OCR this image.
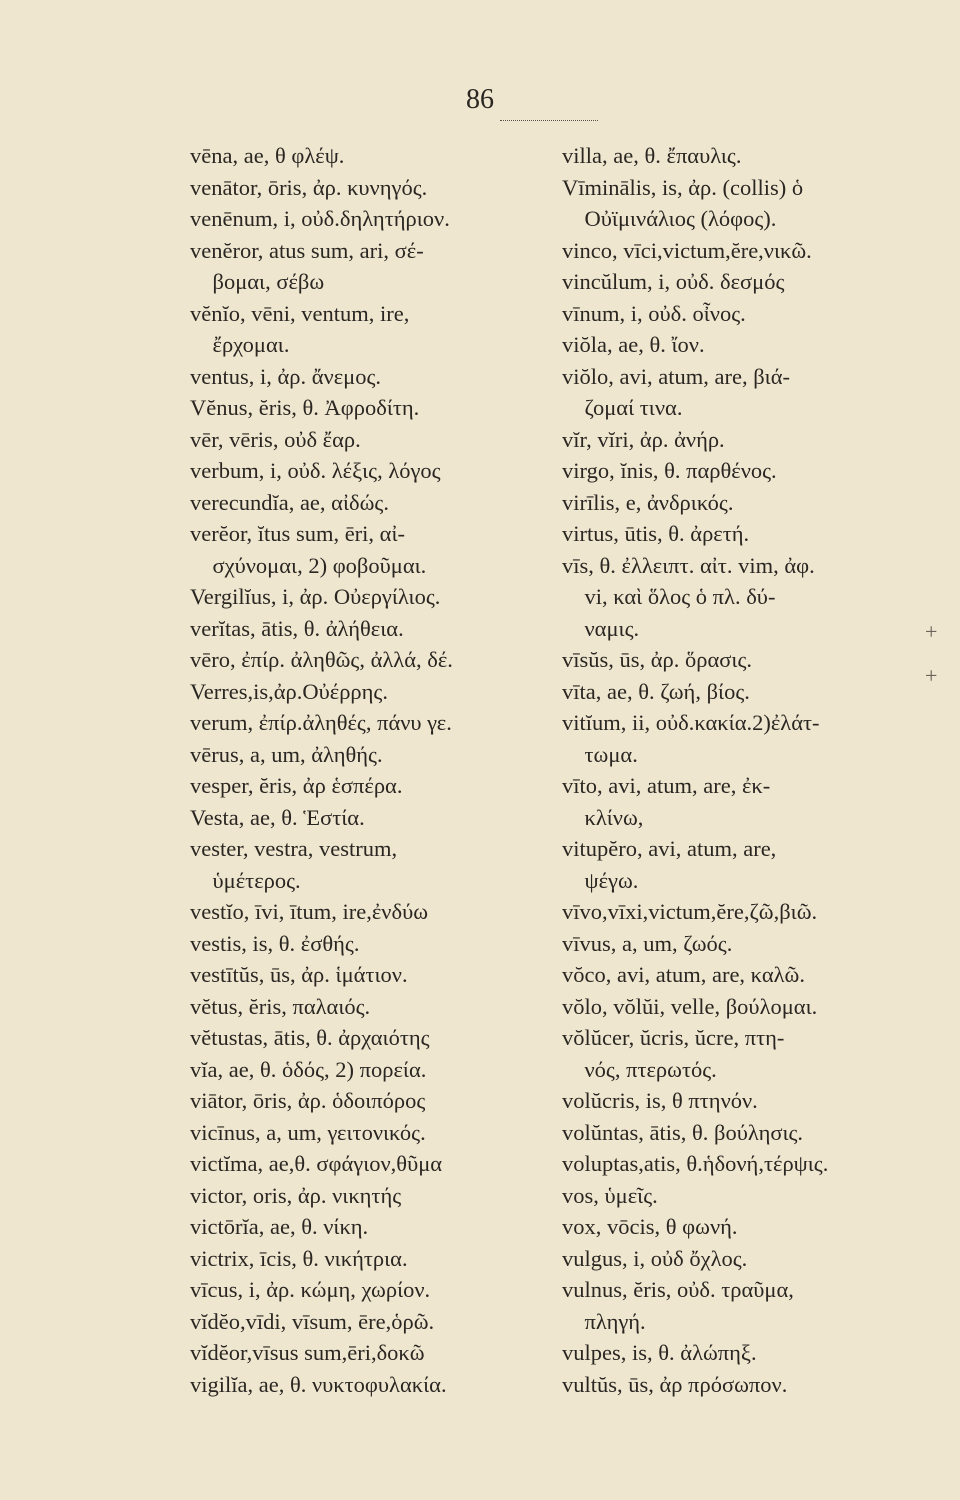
86
vēna, ae, θ φλέψ.
venātor, ōris, ἀρ. κυνηγός.
venēnum, i, οὐδ.δηλητήριον.
venĕror, atus sum, ari, σέ-
βομαι, σέβω
vĕnĭo, vēni, ventum, ire,
ἔρχομαι.
ventus, i, ἀρ. ἄνεμος.
Vĕnus, ĕris, θ. Ἀφροδίτη.
vēr, vēris, οὐδ ἔαρ.
verbum, i, οὐδ. λέξις, λόγος
verecundĭa, ae, αἰδώς.
verĕor, ĭtus sum, ēri, αἰ-
σχύνομαι, 2) φοβοῦμαι.
Vergilĭus, i, ἀρ. Οὐεργίλιος.
verĭtas, ātis, θ. ἀλήθεια.
vēro, ἐπίρ. ἀληθῶς, ἀλλά, δέ.
Verres,is,ἀρ.Οὐέρρης.
verum, ἐπίρ.ἀληθές, πάνυ γε.
vērus, a, um, ἀληθής.
vesper, ĕris, ἀρ ἑσπέρα.
Vesta, ae, θ. Ἑστία.
vester, vestra, vestrum,
ὑμέτερος.
vestĭo, īvi, ītum, ire,ἐνδύω
vestis, is, θ. ἐσθής.
vestītŭs, ūs, ἀρ. ἱμάτιον.
vĕtus, ĕris, παλαιός.
vĕtustas, ātis, θ. ἀρχαιότης
vĭa, ae, θ. ὁδός, 2) πορεία.
viātor, ōris, ἀρ. ὁδοιπόρος
vicīnus, a, um, γειτονικός.
victĭma, ae,θ. σφάγιον,θῦμα
victor, oris, ἀρ. νικητής
victōrĭa, ae, θ. νίκη.
victrix, īcis, θ. νικήτρια.
vīcus, i, ἀρ. κώμη, χωρίον.
vĭdĕo,vīdi, vīsum, ēre,ὁρῶ.
vĭdĕor,vīsus sum,ēri,δοκῶ
vigilĭa, ae, θ. νυκτοφυλακία.
villa, ae, θ. ἔπαυλις.
Vīminālis, is, ἀρ. (collis) ὁ
Οὐϊμινάλιος (λόφος).
vinco, vīci,victum,ĕre,νικῶ.
vincŭlum, i, οὐδ. δεσμός
vīnum, i, οὐδ. οἶνος.
viŏla, ae, θ. ἴον.
viŏlo, avi, atum, are, βιά-
ζομαί τινα.
vĭr, vĭri, ἀρ. ἀνήρ.
virgo, ĭnis, θ. παρθένος.
virīlis, e, ἀνδρικός.
virtus, ūtis, θ. ἀρετή.
vīs, θ. ἐλλειπτ. αἰτ. vim, ἀφ.
vi, καὶ ὅλος ὁ πλ. δύ-
ναμις.
vīsŭs, ūs, ἀρ. ὅρασις.
vīta, ae, θ. ζωή, βίος.
vitĭum, ii, οὐδ.κακία.2)ἐλάτ-
τωμα.
vīto, avi, atum, are, ἐκ-
κλίνω,
vitupĕro, avi, atum, are,
ψέγω.
vīvo,vīxi,victum,ĕre,ζῶ,βιῶ.
vīvus, a, um, ζωός.
vŏco, avi, atum, are, καλῶ.
vŏlo, vŏlŭi, velle, βούλομαι.
vŏlŭcer, ŭcris, ŭcre, πτη-
νός, πτερωτός.
volŭcris, is, θ πτηνόν.
volŭntas, ātis, θ. βούλησις.
voluptas,atis, θ.ἡδονή,τέρψις.
vos, ὑμεῖς.
vox, vōcis, θ φωνή.
vulgus, i, οὐδ ὄχλος.
vulnus, ĕris, οὐδ. τραῦμα,
πληγή.
vulpes, is, θ. ἀλώπηξ.
vultŭs, ūs, ἀρ πρόσωπον.
+
+
